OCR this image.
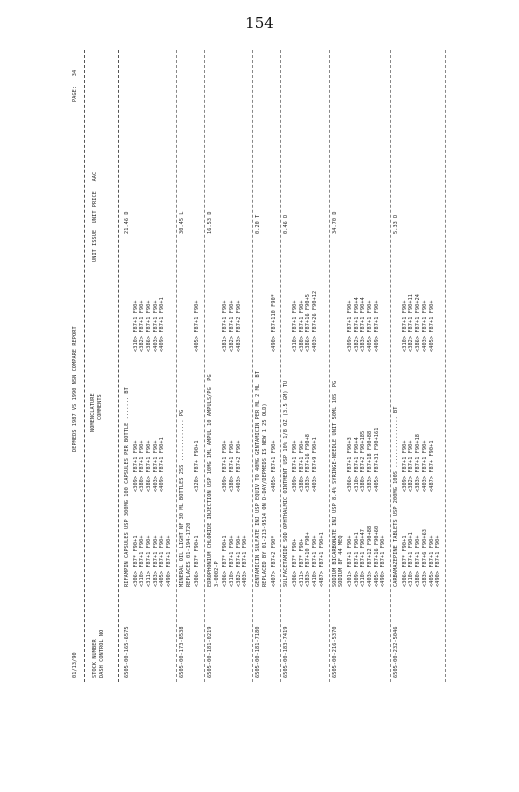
154
01/13/90
DEPMEDS 1987 VS 1990 NSN COMPARE REPORT
PAGE:   34
STOCK NUMBER DASH CONTROL NO
NOMENCLATURE COMMENTS
UNIT ISSUE  UNIT PRICE   AAC
6505-00-165-6575
RIFAMPIN CAPSULES USP 300MG 100 CAPSULES PER BOTTLE ....... BT
21.46 D
<306> F87* F90+1 <310> F87+1 F90+ <311> F87+1 F90+ <383> F87+1 F90+ <405> F87+1 F90+ <490> F87+1 F90+
<309> F87+1 F90+ <380> F87+1 F90+ <386> F87+1 F90+ <403> F87+1 F90+ <409> F87+1 F90+1
<310> F87+1 F90+ <382> F87+1 F90+ <386> F87+1 F90+ <403> F87+1 F90+ <409> F87+1 F90+1
6505-00-173-8538
MINERAL OIL LIGHT NF 30 ML BOTTLES 25S ............. PG
30.45 L
REPLACES 01-194-1720 <306> F87* F90+1
<320> F87+ F90+1
<405> F87+1 F90+
6505-00-181-0219
EDROPHONIUM CHLORIDE INJECTION USP 10MG 1ML AMPUL 10 AMPULS/PG  PG
16.53 D
3-0002-P <306> F87* F90+1 <310> F87+1 F90+ <382> F87+1 F90+ <403> F87+1 F90+
<309> F87+1 F90+ <380> F87+1 F90+ <403> F87+2 F90+
<381> F87+1 F90+ <382> F87+1 F90+ <483> F87+2 F90+
6505-00-181-7180
GENTAMICIN SULFATE INJ USP EQUIV TO 40MG GENTAMICIN PER ML 2 ML  BT
0.20 T
REPLACED BY 01-213-9514 ON D-DAY/DEPMEDS IS NEW 1 25 OLD) <407> F87+2 F90*
<405> F87+1 F90+
<490> F87+110 F90*
6505-00-183-7419
SULFACETAMIDE SOD OPHTHALMIC OINTMENT USP 10% 1/8 OZ (3.5 GM) TU
0.46 D
<306> F87* F90+ <311> F87* F90+ <383> F87+10 F90+ <410> F87+1 F90+ <487> F87+1 F90+1
<309> F87+1 F90+ <380> F87+1 F90+ <383> F87+16 F90+8 <403> F87+9 F90+1
<310> F87+1 F90+ <380> F87+1 F90+ <386> F87+16 F90+5 <403> F87+26 F90+12
6505-00-216-5370
SODIUM BICARBONATE INJ USP 8.4% SYRINGE-NEEDLE UNIT 50ML 10S  PG
34.70 D
SODIUM 8F 44 MEQ <301> F87+1 F90+ <309> F87+1 F90+1 <310> F87+1 F90+47 <403> F87+12 F90+88 <405> F87+16 F90+60 <490> F87+1 F90+
<306> F87+1 F90+3 <310> F87+1 F90+4 <380> F87+2 F90+185 <383> F87+18 F90+88 <405> F87+31 F90+161
<309> F87+1 F90+ <382> F87+1 F90+4 <383> F87+1 F90+4 <405> F87+1 F90+ <409> F87+1 F90+
6505-00-232-5046
CARBAMAZEPINE TABLETS USP 200MG 100S ................ BT
5.33 D
<306> F87* F90+1 <310> F87+1 F90+1 <380> F87+1 F90+ <383> F87+6 F90+63 <405> F87+1 F90+ <490> F87+1 F90+
<309> F87+1 F90+ <382> F87+1 F90+ <383> F87+1 F90+18 <403> F87+1 F90+ <487> F87+ F90+1
<310> F87+1 F90+ <382> F87+1 F90+11 <386> F87+1 F90+24 <403> F87+1 F90+ <405> F87+1 F90+
